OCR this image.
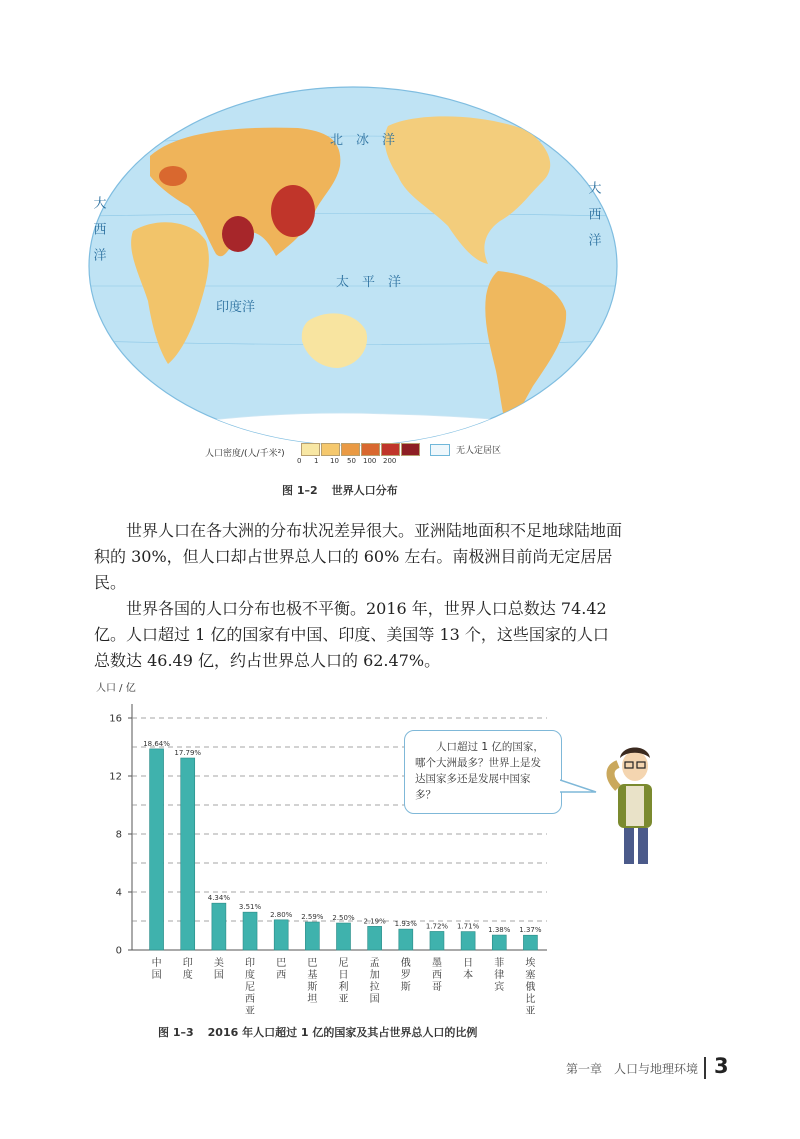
北　冰　洋
太　平　洋
印度洋
大　西　洋	大　西　洋
人口密度/(人/千米²)
0 1 10 50 100 200
无人定居区
图 1–2 世界人口分布

世界人口在各大洲的分布状况差异很大。亚洲陆地面积不足地球陆地面积的 30%，但人口却占世界总人口的 60% 左右。南极洲目前尚无定居居民。

世界各国的人口分布也极不平衡。2016 年，世界人口总数达 74.42 亿。人口超过 1 亿的国家有中国、印度、美国等 13 个，这些国家的人口总数达 46.49 亿，约占世界总人口的 62.47%。

人口 / 亿
0
4
8
12
16
18.64%
中
国
17.79%
印
度
4.34%
美
国
3.51%
印
度
尼
西
亚
2.80%
巴
西
2.59%
巴
基
斯
坦
2.50%
尼
日
利
亚
2.19%
孟
加
拉
国
1.93%
俄
罗
斯
1.72%
墨
西
哥
1.71%
日
本
1.38%
菲
律
宾
1.37%
埃
塞
俄
比
亚
人口超过 1 亿的国家，哪个大洲最多？世界上是发达国家多还是发展中国家多？
图 1–3 2016 年人口超过 1 亿的国家及其占世界总人口的比例
第一章　人口与地理环境 3
